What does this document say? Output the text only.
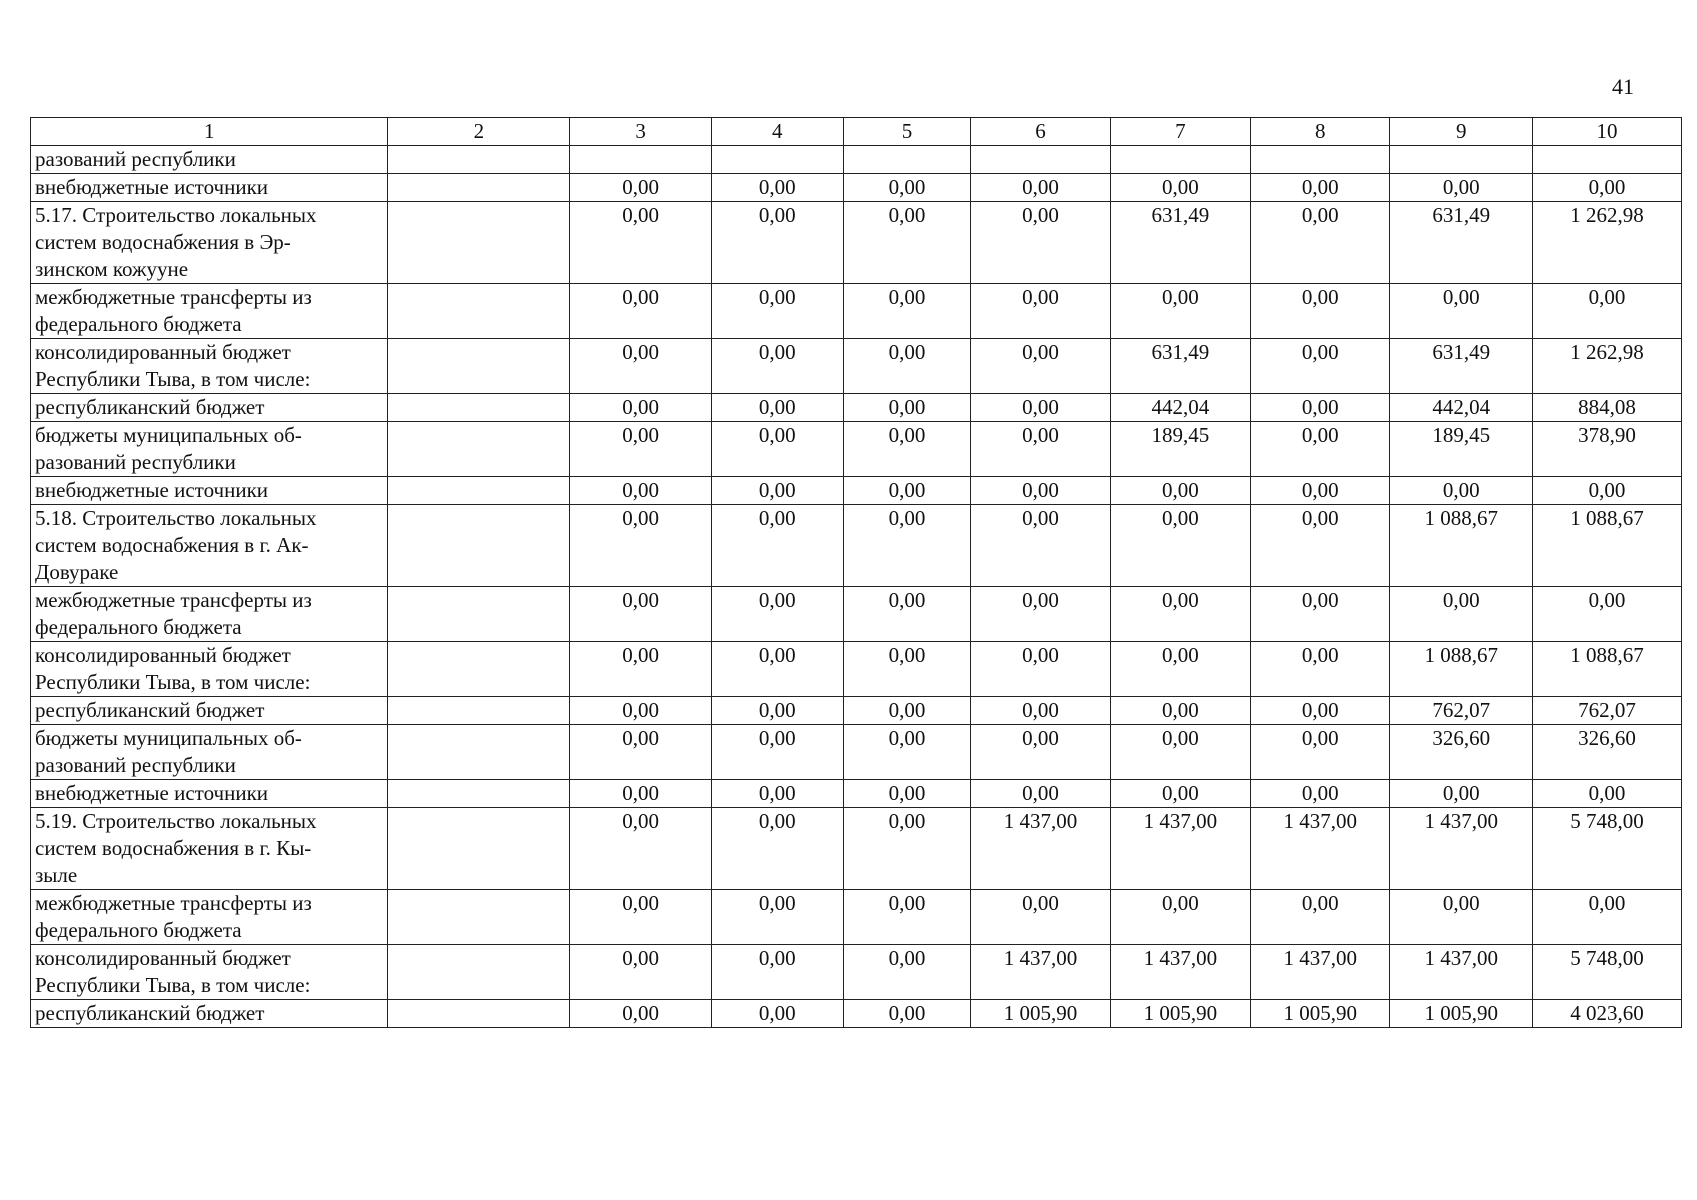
41
1	2	3	4	5	6	7	8	9	10
разований республики									
внебюджетные источники		0,00	0,00	0,00	0,00	0,00	0,00	0,00	0,00
5.17. Строительство локальных
систем водоснабжения в Эр-
зинском кожууне		0,00	0,00	0,00	0,00	631,49	0,00	631,49	1 262,98
межбюджетные трансферты из
федерального бюджета		0,00	0,00	0,00	0,00	0,00	0,00	0,00	0,00
консолидированный бюджет
Республики Тыва, в том числе:		0,00	0,00	0,00	0,00	631,49	0,00	631,49	1 262,98
республиканский бюджет		0,00	0,00	0,00	0,00	442,04	0,00	442,04	884,08
бюджеты муниципальных об-
разований республики		0,00	0,00	0,00	0,00	189,45	0,00	189,45	378,90
внебюджетные источники		0,00	0,00	0,00	0,00	0,00	0,00	0,00	0,00
5.18. Строительство локальных
систем водоснабжения в г. Ак-
Довураке		0,00	0,00	0,00	0,00	0,00	0,00	1 088,67	1 088,67
межбюджетные трансферты из
федерального бюджета		0,00	0,00	0,00	0,00	0,00	0,00	0,00	0,00
консолидированный бюджет
Республики Тыва, в том числе:		0,00	0,00	0,00	0,00	0,00	0,00	1 088,67	1 088,67
республиканский бюджет		0,00	0,00	0,00	0,00	0,00	0,00	762,07	762,07
бюджеты муниципальных об-
разований республики		0,00	0,00	0,00	0,00	0,00	0,00	326,60	326,60
внебюджетные источники		0,00	0,00	0,00	0,00	0,00	0,00	0,00	0,00
5.19. Строительство локальных
систем водоснабжения в г. Кы-
зыле		0,00	0,00	0,00	1 437,00	1 437,00	1 437,00	1 437,00	5 748,00
межбюджетные трансферты из
федерального бюджета		0,00	0,00	0,00	0,00	0,00	0,00	0,00	0,00
консолидированный бюджет
Республики Тыва, в том числе:		0,00	0,00	0,00	1 437,00	1 437,00	1 437,00	1 437,00	5 748,00
республиканский бюджет		0,00	0,00	0,00	1 005,90	1 005,90	1 005,90	1 005,90	4 023,60
